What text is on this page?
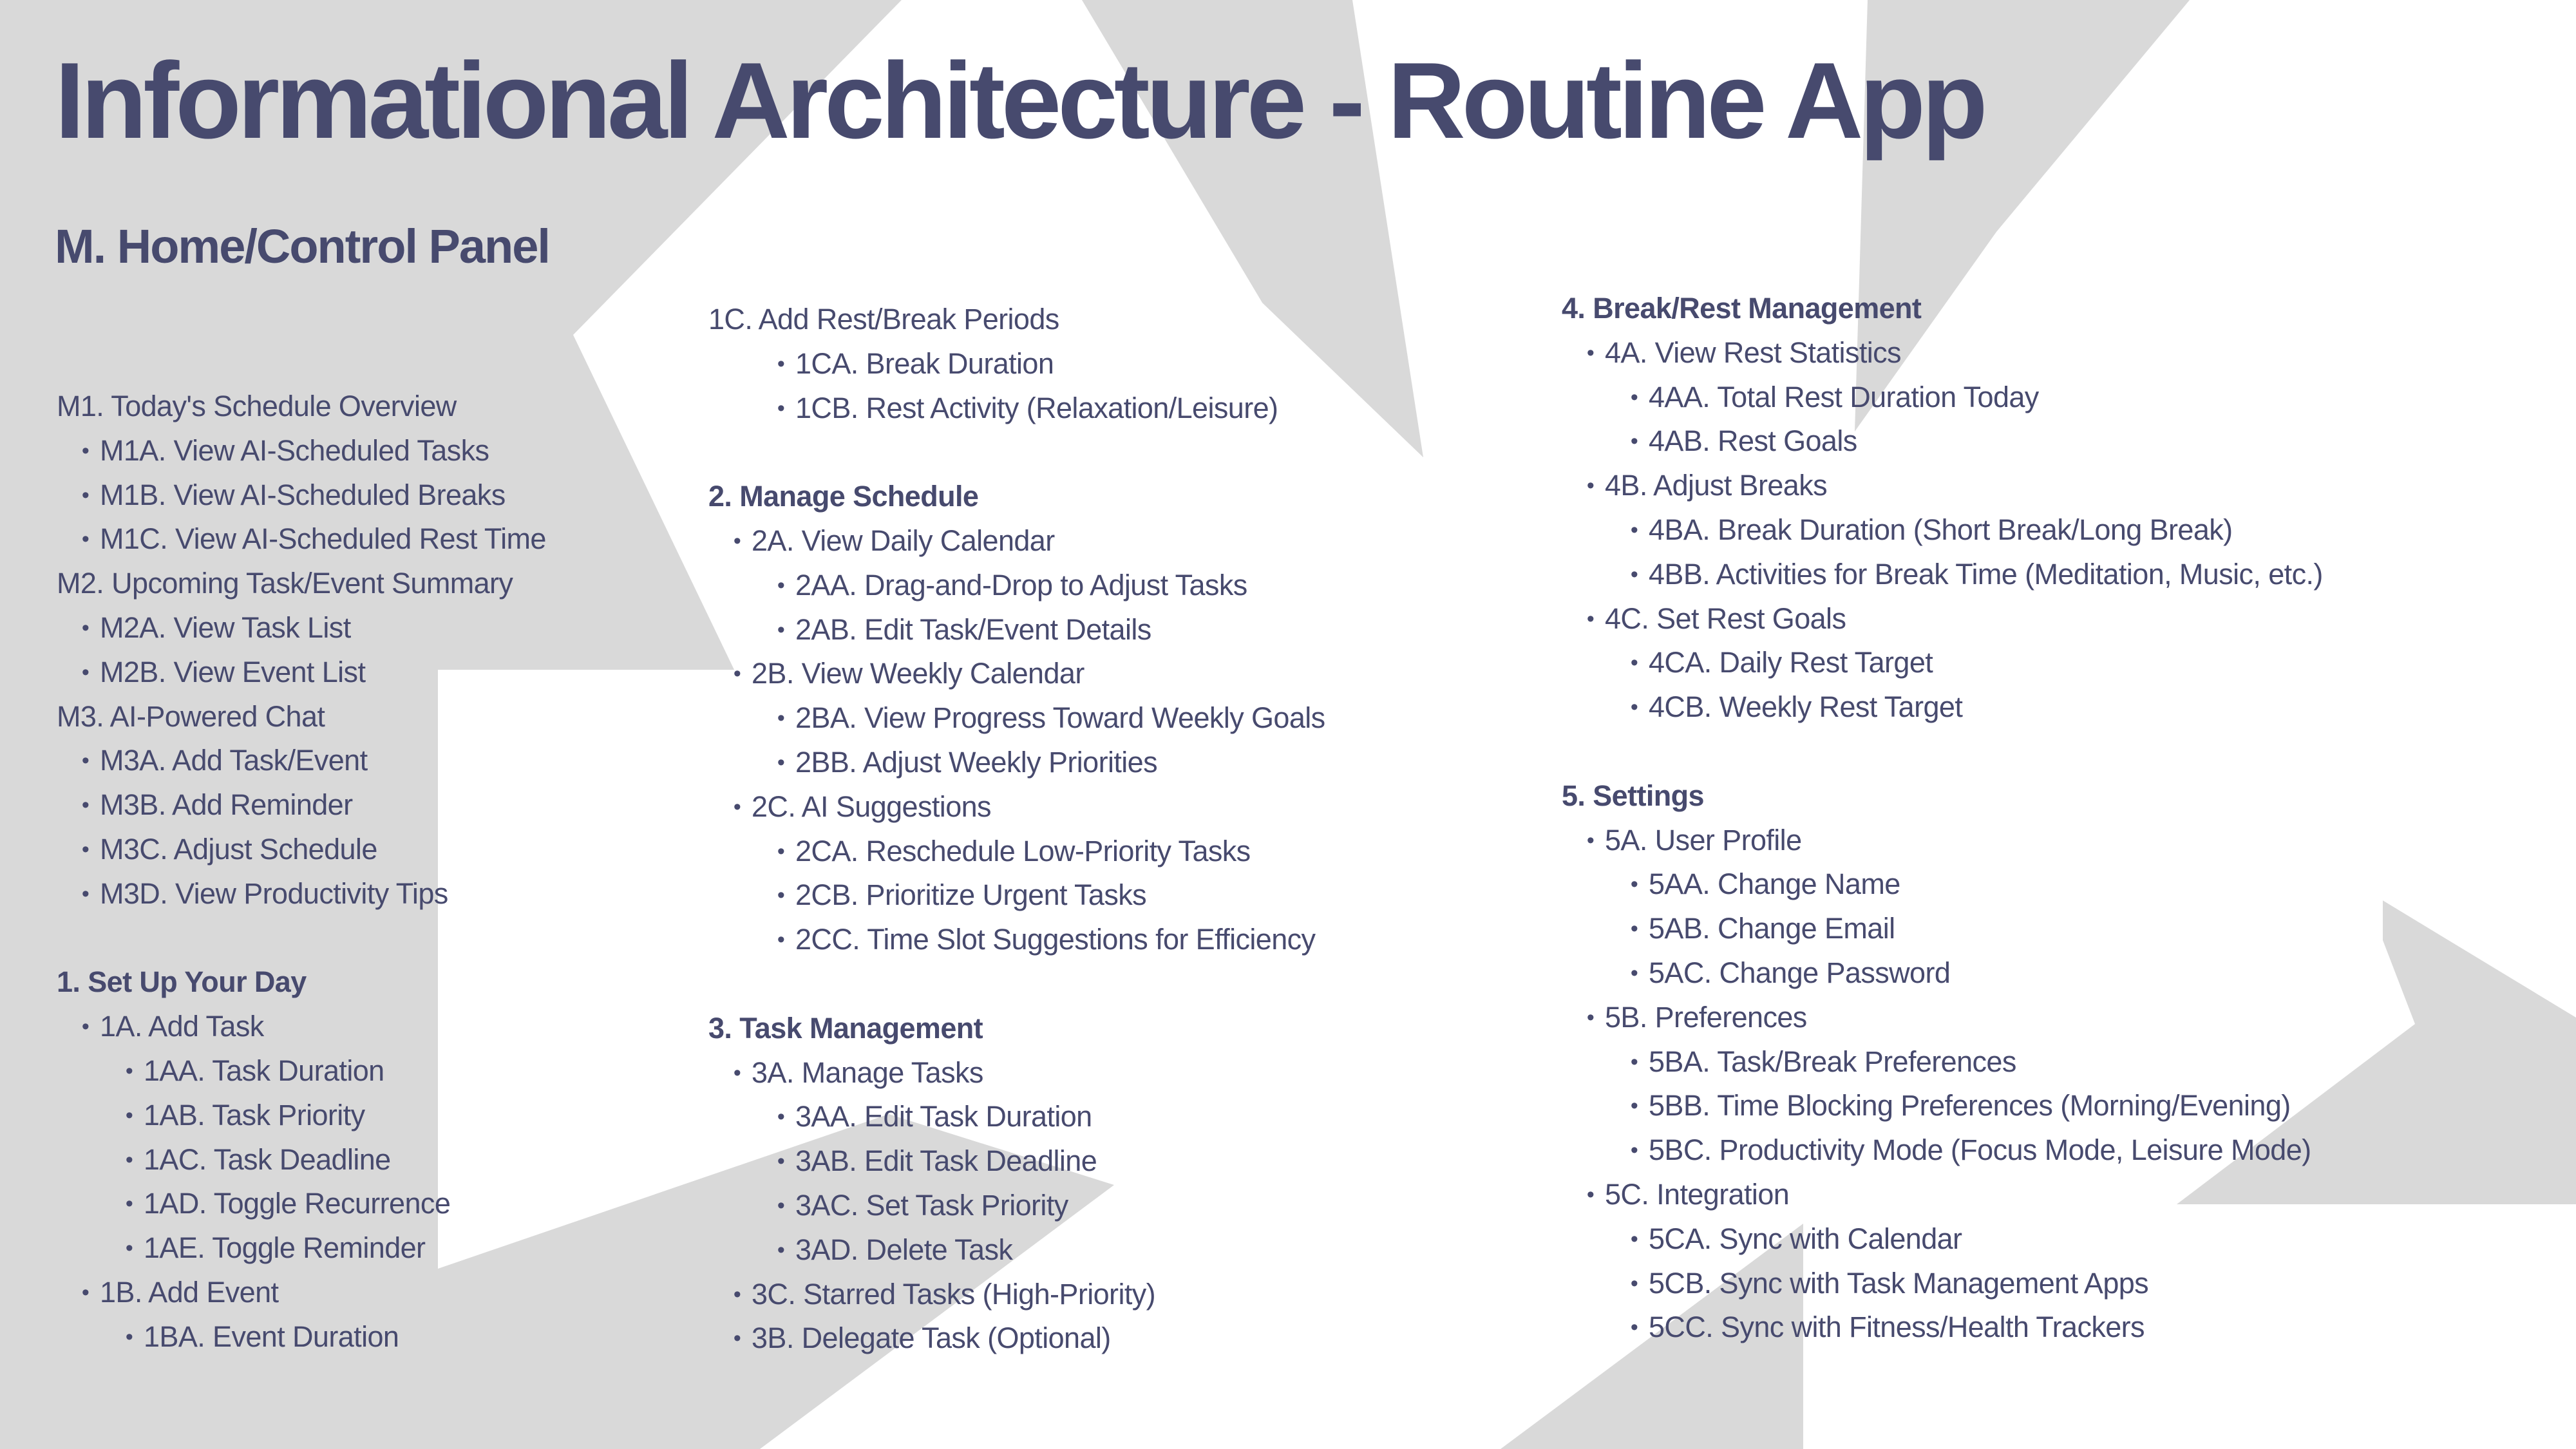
Informational Architecture - Routine App
M. Home/Control Panel
M1. Today's Schedule Overview
• M1A. View AI-Scheduled Tasks
• M1B. View AI-Scheduled Breaks
• M1C. View AI-Scheduled Rest Time
M2. Upcoming Task/Event Summary
• M2A. View Task List
• M2B. View Event List
M3. AI-Powered Chat
• M3A. Add Task/Event
• M3B. Add Reminder
• M3C. Adjust Schedule
• M3D. View Productivity Tips
1. Set Up Your Day
• 1A. Add Task
• 1AA. Task Duration
• 1AB. Task Priority
• 1AC. Task Deadline
• 1AD. Toggle Recurrence
• 1AE. Toggle Reminder
• 1B. Add Event
• 1BA. Event Duration
1C. Add Rest/Break Periods
• 1CA. Break Duration
• 1CB. Rest Activity (Relaxation/Leisure)
2. Manage Schedule
• 2A. View Daily Calendar
• 2AA. Drag-and-Drop to Adjust Tasks
• 2AB. Edit Task/Event Details
• 2B. View Weekly Calendar
• 2BA. View Progress Toward Weekly Goals
• 2BB. Adjust Weekly Priorities
• 2C. AI Suggestions
• 2CA. Reschedule Low-Priority Tasks
• 2CB. Prioritize Urgent Tasks
• 2CC. Time Slot Suggestions for Efficiency
3. Task Management
• 3A. Manage Tasks
• 3AA. Edit Task Duration
• 3AB. Edit Task Deadline
• 3AC. Set Task Priority
• 3AD. Delete Task
• 3C. Starred Tasks (High-Priority)
• 3B. Delegate Task (Optional)
4. Break/Rest Management
• 4A. View Rest Statistics
• 4AA. Total Rest Duration Today
• 4AB. Rest Goals
• 4B. Adjust Breaks
• 4BA. Break Duration (Short Break/Long Break)
• 4BB. Activities for Break Time (Meditation, Music, etc.)
• 4C. Set Rest Goals
• 4CA. Daily Rest Target
• 4CB. Weekly Rest Target
5. Settings
• 5A. User Profile
• 5AA. Change Name
• 5AB. Change Email
• 5AC. Change Password
• 5B. Preferences
• 5BA. Task/Break Preferences
• 5BB. Time Blocking Preferences (Morning/Evening)
• 5BC. Productivity Mode (Focus Mode, Leisure Mode)
• 5C. Integration
• 5CA. Sync with Calendar
• 5CB. Sync with Task Management Apps
• 5CC. Sync with Fitness/Health Trackers
